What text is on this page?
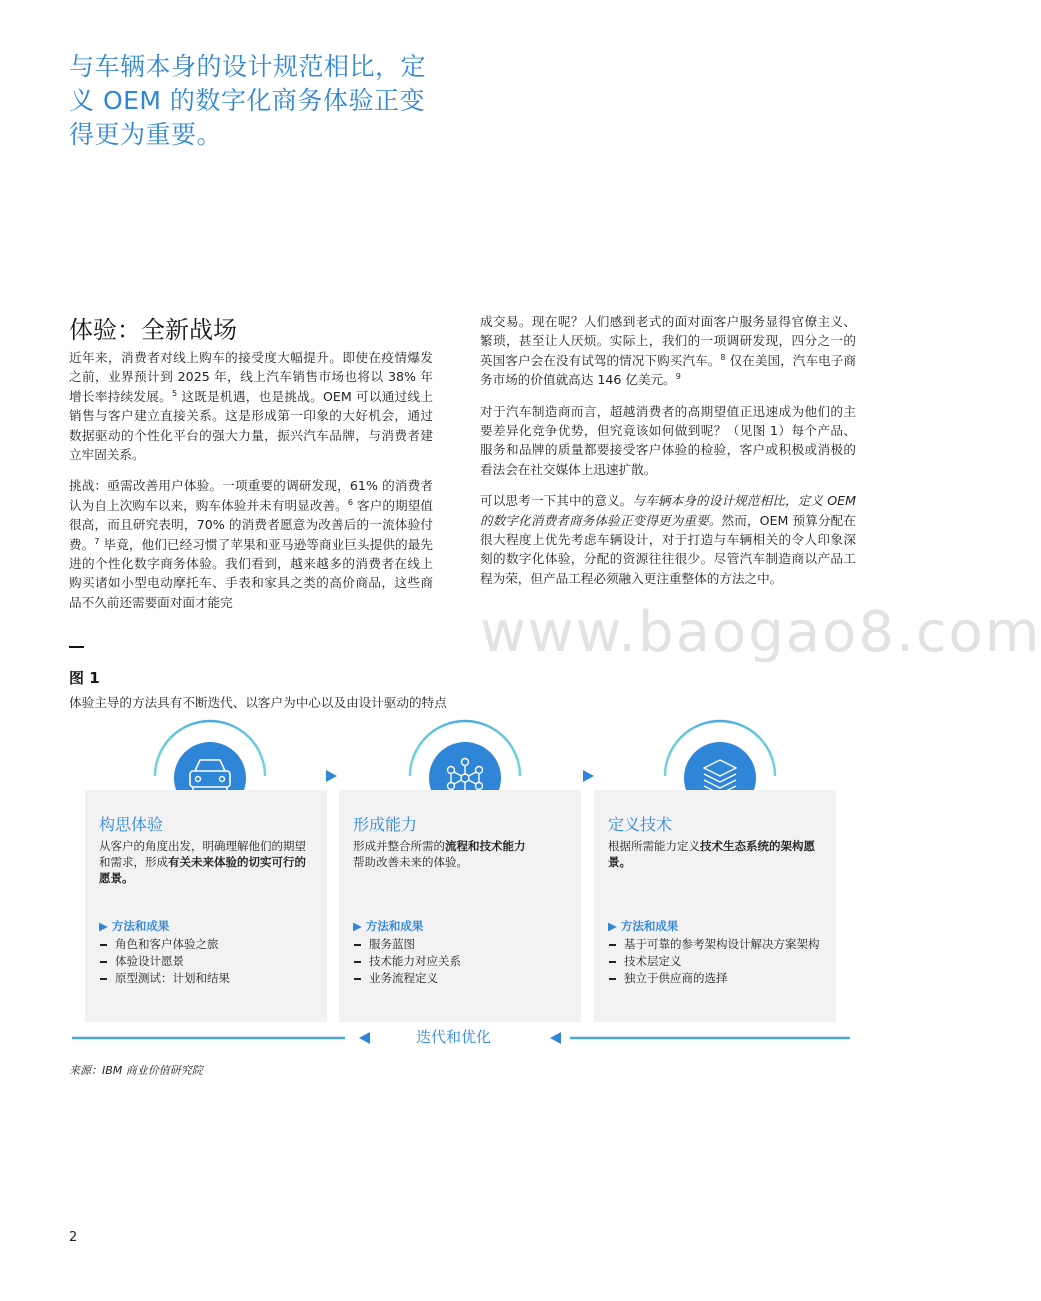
与车辆本身的设计规范相比，定义 OEM 的数字化商务体验正变得更为重要。
体验：全新战场

近年来，消费者对线上购车的接受度大幅提升。即使在疫情爆发之前，业界预计到 2025 年，线上汽车销售市场也将以 38% 年增长率持续发展。$^5$ 这既是机遇，也是挑战。OEM 可以通过线上销售与客户建立直接关系。这是形成第一印象的大好机会，通过数据驱动的个性化平台的强大力量，振兴汽车品牌，与消费者建立牢固关系。

挑战：亟需改善用户体验。一项重要的调研发现，61% 的消费者认为自上次购车以来，购车体验并未有明显改善。$^6$ 客户的期望值很高，而且研究表明，70% 的消费者愿意为改善后的一流体验付费。$^7$ 毕竟，他们已经习惯了苹果和亚马逊等商业巨头提供的最先进的个性化数字商务体验。我们看到，越来越多的消费者在线上购买诸如小型电动摩托车、手表和家具之类的高价商品，这些商品不久前还需要面对面才能完

成交易。现在呢？人们感到老式的面对面客户服务显得官僚主义、繁琐，甚至让人厌烦。实际上，我们的一项调研发现，四分之一的英国客户会在没有试驾的情况下购买汽车。$^8$ 仅在美国，汽车电子商务市场的价值就高达 146 亿美元。$^9$

对于汽车制造商而言，超越消费者的高期望值正迅速成为他们的主要差异化竞争优势，但究竟该如何做到呢？（见图 1）每个产品、服务和品牌的质量都要接受客户体验的检验，客户或积极或消极的看法会在社交媒体上迅速扩散。

可以思考一下其中的意义。与车辆本身的设计规范相比，定义 OEM 的数字化消费者商务体验正变得更为重要。然而，OEM 预算分配在很大程度上优先考虑车辆设计，对于打造与车辆相关的令人印象深刻的数字化体验，分配的资源往往很少。尽管汽车制造商以产品工程为荣，但产品工程必须融入更注重整体的方法之中。

www.baogao8.com
图 1
体验主导的方法具有不断迭代、以客户为中心以及由设计驱动的特点
构思体验
从客户的角度出发，明确理解他们的期望和需求，形成有关未来体验的切实可行的愿景。
▶ 方法和成果
角色和客户体验之旅
体验设计愿景
原型测试：计划和结果
形成能力
形成并整合所需的流程和技术能力
帮助改善未来的体验。
▶ 方法和成果
服务蓝图
技术能力对应关系
业务流程定义
定义技术
根据所需能力定义技术生态系统的架构愿景。
▶ 方法和成果
基于可靠的参考架构设计解决方案架构
技术层定义
独立于供应商的选择
迭代和优化
来源：IBM 商业价值研究院
2
